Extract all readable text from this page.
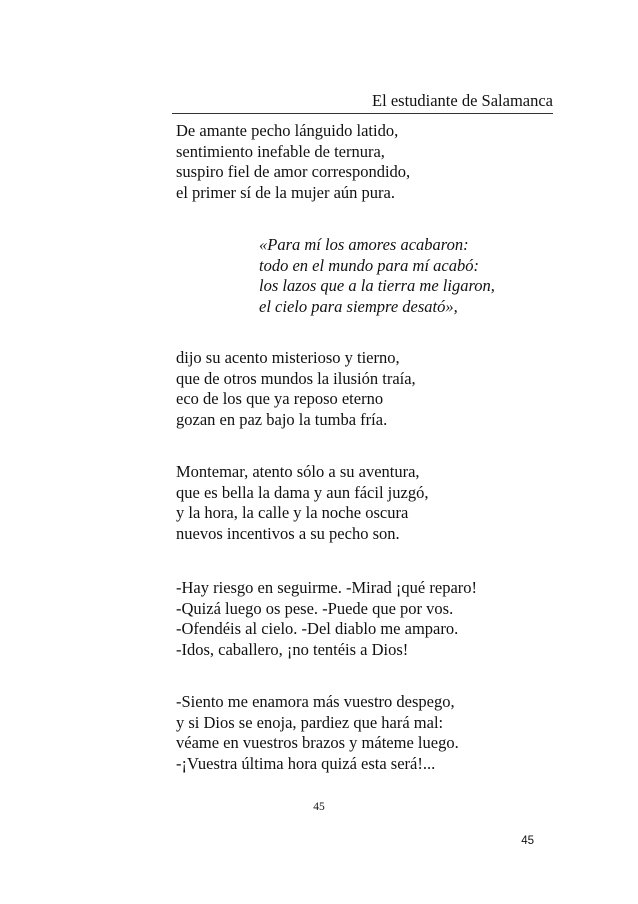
El estudiante de Salamanca
De amante pecho lánguido latido,
sentimiento inefable de ternura,
suspiro fiel de amor correspondido,
el primer sí de la mujer aún pura.
«Para mí los amores acabaron:
todo en el mundo para mí acabó:
los lazos que a la tierra me ligaron,
el cielo para siempre desató»,
dijo su acento misterioso y tierno,
que de otros mundos la ilusión traía,
eco de los que ya reposo eterno
gozan en paz bajo la tumba fría.
Montemar, atento sólo a su aventura,
que es bella la dama y aun fácil juzgó,
y la hora, la calle y la noche oscura
nuevos incentivos a su pecho son.
-Hay riesgo en seguirme. -Mirad ¡qué reparo!
-Quizá luego os pese. -Puede que por vos.
-Ofendéis al cielo. -Del diablo me amparo.
-Idos, caballero, ¡no tentéis a Dios!
-Siento me enamora más vuestro despego,
y si Dios se enoja, pardiez que hará mal:
véame en vuestros brazos y máteme luego.
-¡Vuestra última hora quizá esta será!...
45
45
